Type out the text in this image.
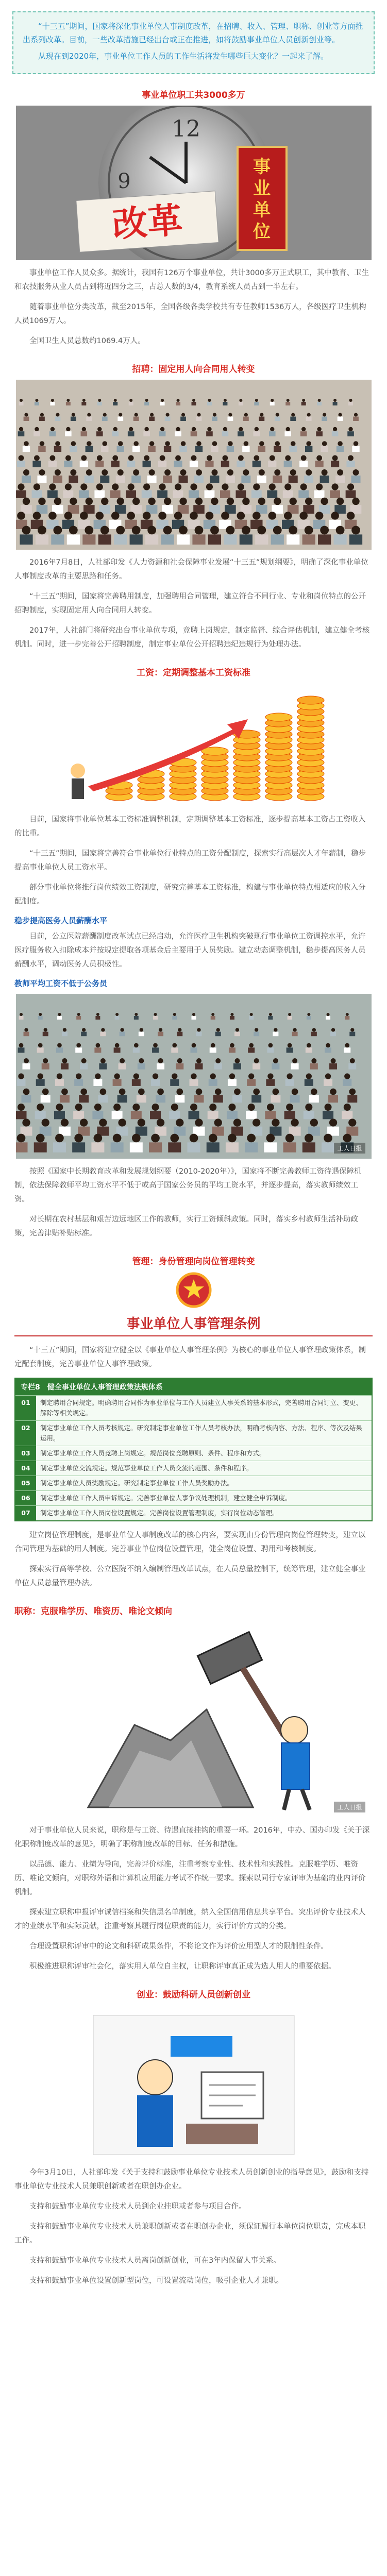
“十三五”期间，国家将深化事业单位人事制度改革，在招聘、收入、管理、职称、创业等方面推出系列改革。目前，一些改革措施已经出台或正在推进，如将鼓励事业单位人员创新创业等。

从现在到2020年，事业单位工作人员的工作生活将发生哪些巨大变化？一起来了解。

事业单位职工共3000多万
12
9
改革
事
业
单
位

事业单位工作人员众多。据统计，我国有126万个事业单位，共计3000多万正式职工，其中教育、卫生和农技服务从业人员占到将近四分之三，占总人数的3/4，教育系统人员占到一半左右。

随着事业单位分类改革，截至2015年，全国各级各类学校共有专任教师1536万人，各级医疗卫生机构人员1069万人。

全国卫生人员总数约1069.4万人。

招聘：固定用人向合同用人转变

2016年7月8日，人社部印发《人力资源和社会保障事业发展“十三五”规划纲要》，明确了深化事业单位人事制度改革的主要思路和任务。

“十三五”期间，国家将完善聘用制度，加强聘用合同管理，建立符合不同行业、专业和岗位特点的公开招聘制度，实现固定用人向合同用人转变。

2017年，人社部门将研究出台事业单位专项，竞聘上岗规定，制定监督、综合评估机制，建立健全考核机制。同时，进一步完善公开招聘制度，制定事业单位公开招聘违纪违规行为处理办法。

工资：定期调整基本工资标准

目前，国家将事业单位基本工资标准调整机制，定期调整基本工资标准，逐步提高基本工资占工资收入的比重。

“十三五”期间，国家将完善符合事业单位行业特点的工资分配制度，探索实行高层次人才年薪制，稳步提高事业单位人员工资水平。

部分事业单位将推行岗位绩效工资制度，研究完善基本工资标准，构建与事业单位特点相适应的收入分配制度。

稳步提高医务人员薪酬水平

目前，公立医院薪酬制度改革试点已经启动，允许医疗卫生机构突破现行事业单位工资调控水平，允许医疗服务收入扣除成本并按规定提取各项基金后主要用于人员奖励。建立动态调整机制，稳步提高医务人员薪酬水平，调动医务人员积极性。

教师平均工资不低于公务员
工人日报

按照《国家中长期教育改革和发展规划纲要（2010-2020年）》，国家将不断完善教师工资待遇保障机制，依法保障教师平均工资水平不低于或高于国家公务员的平均工资水平，并逐步提高，落实教师绩效工资。

对长期在农村基层和艰苦边远地区工作的教师，实行工资倾斜政策。同时，落实乡村教师生活补助政策，完善津贴补贴标准。

管理：身份管理向岗位管理转变
事业单位人事管理条例

“十三五”期间，国家将建立健全以《事业单位人事管理条例》为核心的事业单位人事管理政策体系，制定配套制度，完善事业单位人事管理政策。

专栏8　健全事业单位人事管理政策法规体系
01	制定聘用合同规定。明确聘用合同作为事业单位与工作人员建立人事关系的基本形式，完善聘用合同订立、变更、解除等相关规定。
02	制定事业单位工作人员考核规定。研究制定事业单位工作人员考核办法，明确考核内容、方法、程序、等次及结果运用。
03	制定事业单位工作人员竞聘上岗规定。规范岗位竞聘原则、条件、程序和方式。
04	制定事业单位交流规定。规范事业单位工作人员交流的范围、条件和程序。
05	制定事业单位人员奖励规定。研究制定事业单位工作人员奖励办法。
06	制定事业单位工作人员申诉规定。完善事业单位人事争议处理机制，建立健全申诉制度。
07	制定事业单位工作人员岗位设置规定。完善岗位设置管理制度，实行岗位动态管理。

建立岗位管理制度，是事业单位人事制度改革的核心内容，要实现由身份管理向岗位管理转变，建立以合同管理为基础的用人制度。完善事业单位岗位设置管理，健全岗位设置、聘用和考核制度。

探索实行高等学校、公立医院不纳入编制管理改革试点，在人员总量控制下，统筹管理，建立健全事业单位人员总量管理办法。

职称：克服唯学历、唯资历、唯论文倾向
工人日报

对于事业单位人员来说，职称是与工资、待遇直接挂钩的重要一环。2016年，中办、国办印发《关于深化职称制度改革的意见》，明确了职称制度改革的目标、任务和措施。

以品德、能力、业绩为导向，完善评价标准，注重考察专业性、技术性和实践性。克服唯学历、唯资历、唯论文倾向，对职称外语和计算机应用能力考试不作统一要求。探索以同行专家评审为基础的业内评价机制。

探索建立职称申报评审诚信档案和失信黑名单制度，纳入全国信用信息共享平台。突出评价专业技术人才的业绩水平和实际贡献，注重考察其履行岗位职责的能力，实行评价方式的分类。

合理设置职称评审中的论文和科研成果条件，不将论文作为评价应用型人才的限制性条件。

积极推进职称评审社会化，落实用人单位自主权，让职称评审真正成为选人用人的重要依据。

创业：鼓励科研人员创新创业

今年3月10日，人社部印发《关于支持和鼓励事业单位专业技术人员创新创业的指导意见》，鼓励和支持事业单位专业技术人员兼职创新或者在职创办企业。

支持和鼓励事业单位专业技术人员到企业挂职或者参与项目合作。

支持和鼓励事业单位专业技术人员兼职创新或者在职创办企业，须保证履行本单位岗位职责，完成本职工作。

支持和鼓励事业单位专业技术人员离岗创新创业，可在3年内保留人事关系。

支持和鼓励事业单位设置创新型岗位，可设置流动岗位，吸引企业人才兼职。
